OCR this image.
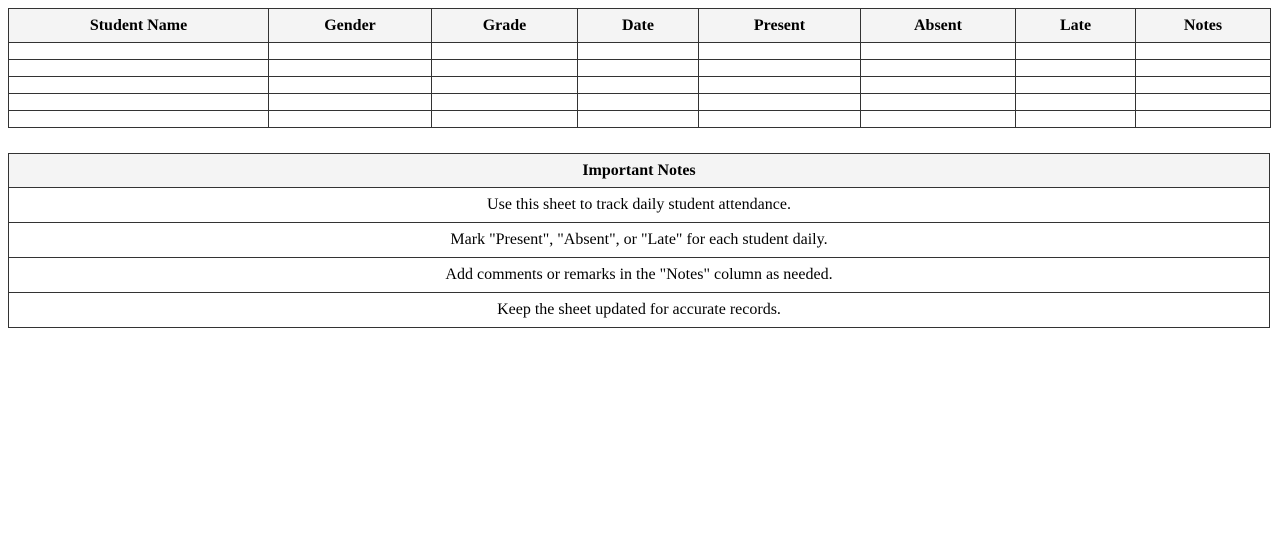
Student Name	Gender	Grade	Date	Present	Absent	Late	Notes

Important Notes
Use this sheet to track daily student attendance.
Mark "Present", "Absent", or "Late" for each student daily.
Add comments or remarks in the "Notes" column as needed.
Keep the sheet updated for accurate records.
